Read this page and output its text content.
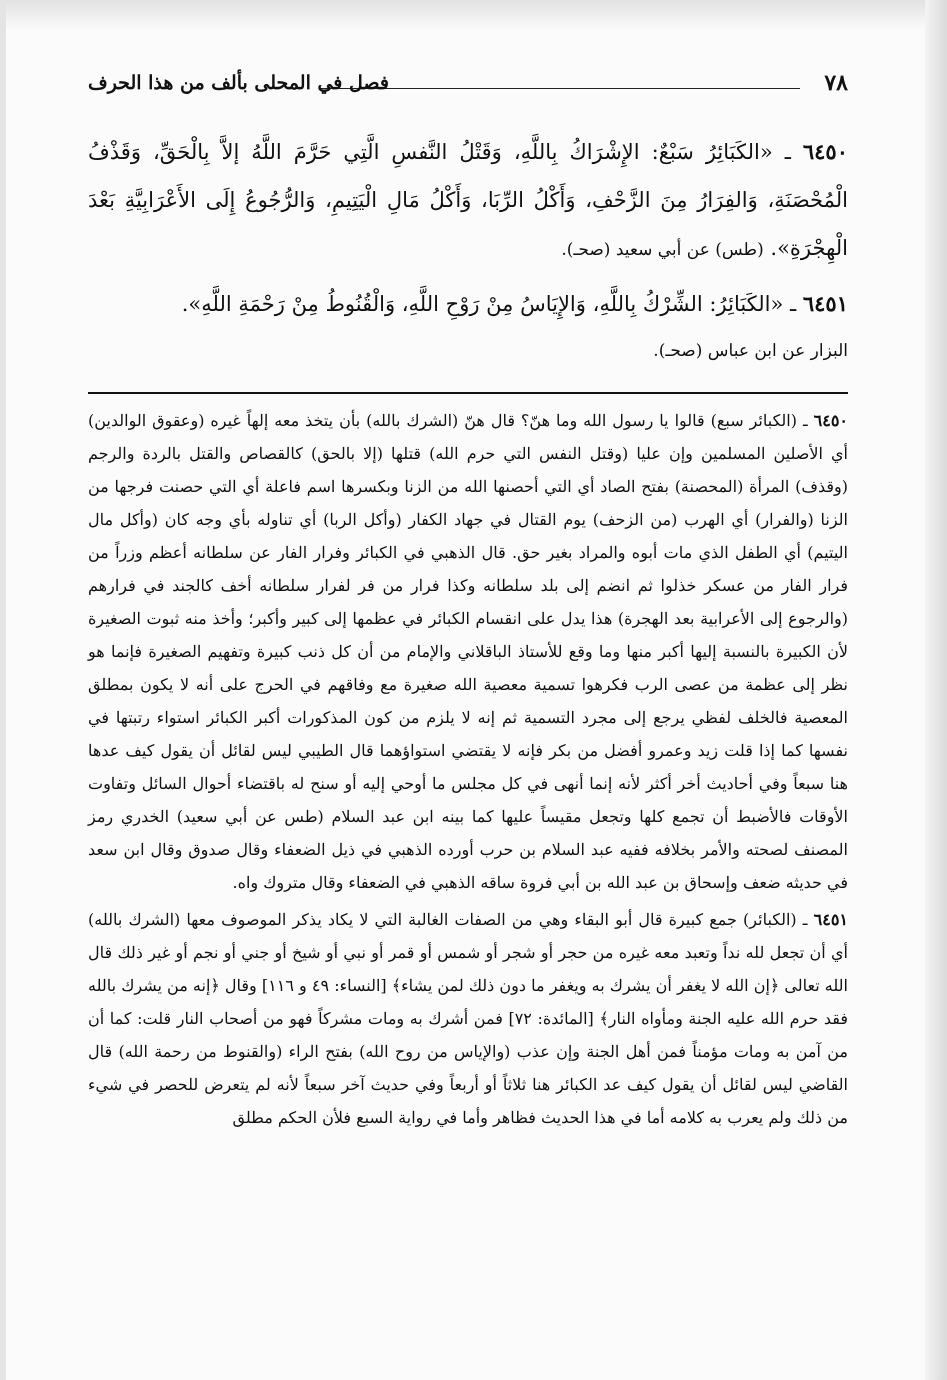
٧٨
فصل في المحلى بألف من هذا الحرف

٦٤٥٠ ـ «الكَبَائِرُ سَبْعٌ: الإِشْرَاكُ بِاللَّهِ، وَقَتْلُ النَّفسِ الَّتِي حَرَّمَ اللَّهُ إلاَّ بِالْحَقِّ، وَقَذْفُ الْمُحْصَنَةِ، وَالفِرَارُ مِنَ الزَّحْفِ، وَأَكْلُ الرِّبَا، وَأَكْلُ مَالِ الْيَتِيمِ، وَالرُّجُوعُ إِلَى الأَعْرَابِيَّةِ بَعْدَ الْهِجْرَةِ». (طس) عن أبي سعيد (صحـ).

٦٤٥١ ـ «الكَبَائِرُ: الشِّرْكُ بِاللَّهِ، وَالإِيَاسُ مِنْ رَوْحِ اللَّهِ، وَالْقُنُوطُ مِنْ رَحْمَةِ اللَّهِ».

البزار عن ابن عباس (صحـ).

٦٤٥٠ ـ (الكبائر سبع) قالوا يا رسول الله وما هنّ؟ قال هنّ (الشرك بالله) بأن يتخذ معه إلهاً غيره (وعقوق الوالدين) أي الأصلين المسلمين وإن عليا (وقتل النفس التي حرم الله) قتلها (إلا بالحق) كالقصاص والقتل بالردة والرجم (وقذف) المرأة (المحصنة) بفتح الصاد أي التي أحصنها الله من الزنا وبكسرها اسم فاعلة أي التي حصنت فرجها من الزنا (والفرار) أي الهرب (من الزحف) يوم القتال في جهاد الكفار (وأكل الربا) أي تناوله بأي وجه كان (وأكل مال اليتيم) أي الطفل الذي مات أبوه والمراد بغير حق. قال الذهبي في الكبائر وفرار الفار عن سلطانه أعظم وزراً من فرار الفار من عسكر خذلوا ثم انضم إلى بلد سلطانه وكذا فرار من فر لفرار سلطانه أخف كالجند في فرارهم (والرجوع إلى الأعرابية بعد الهجرة) هذا يدل على انقسام الكبائر في عظمها إلى كبير وأكبر؛ وأخذ منه ثبوت الصغيرة لأن الكبيرة بالنسبة إليها أكبر منها وما وقع للأستاذ الباقلاني والإمام من أن كل ذنب كبيرة وتفهيم الصغيرة فإنما هو نظر إلى عظمة من عصى الرب فكرهوا تسمية معصية الله صغيرة مع وفاقهم في الحرج على أنه لا يكون بمطلق المعصية فالخلف لفظي يرجع إلى مجرد التسمية ثم إنه لا يلزم من كون المذكورات أكبر الكبائر استواء رتبتها في نفسها كما إذا قلت زيد وعمرو أفضل من بكر فإنه لا يقتضي استواؤهما قال الطيبي ليس لقائل أن يقول كيف عدها هنا سبعاً وفي أحاديث أخر أكثر لأنه إنما أنهى في كل مجلس ما أوحي إليه أو سنح له باقتضاء أحوال السائل وتفاوت الأوقات فالأضبط أن تجمع كلها وتجعل مقيساً عليها كما بينه ابن عبد السلام (طس عن أبي سعيد) الخدري رمز المصنف لصحته والأمر بخلافه ففيه عبد السلام بن حرب أورده الذهبي في ذيل الضعفاء وقال صدوق وقال ابن سعد في حديثه ضعف وإسحاق بن عبد الله بن أبي فروة ساقه الذهبي في الضعفاء وقال متروك واه.

٦٤٥١ ـ (الكبائر) جمع كبيرة قال أبو البقاء وهي من الصفات الغالبة التي لا يكاد يذكر الموصوف معها (الشرك بالله) أي أن تجعل لله نداً وتعبد معه غيره من حجر أو شجر أو شمس أو قمر أو نبي أو شيخ أو جني أو نجم أو غير ذلك قال الله تعالى ﴿إن الله لا يغفر أن يشرك به ويغفر ما دون ذلك لمن يشاء﴾ [النساء: ٤٩ و ١١٦] وقال ﴿إنه من يشرك بالله فقد حرم الله عليه الجنة ومأواه النار﴾ [المائدة: ٧٢] فمن أشرك به ومات مشركاً فهو من أصحاب النار قلت: كما أن من آمن به ومات مؤمناً فمن أهل الجنة وإن عذب (والإياس من روح الله) بفتح الراء (والقنوط من رحمة الله) قال القاضي ليس لقائل أن يقول كيف عد الكبائر هنا ثلاثاً أو أربعاً وفي حديث آخر سبعاً لأنه لم يتعرض للحصر في شيء من ذلك ولم يعرب به كلامه أما في هذا الحديث فظاهر وأما في رواية السبع فلأن الحكم مطلق
